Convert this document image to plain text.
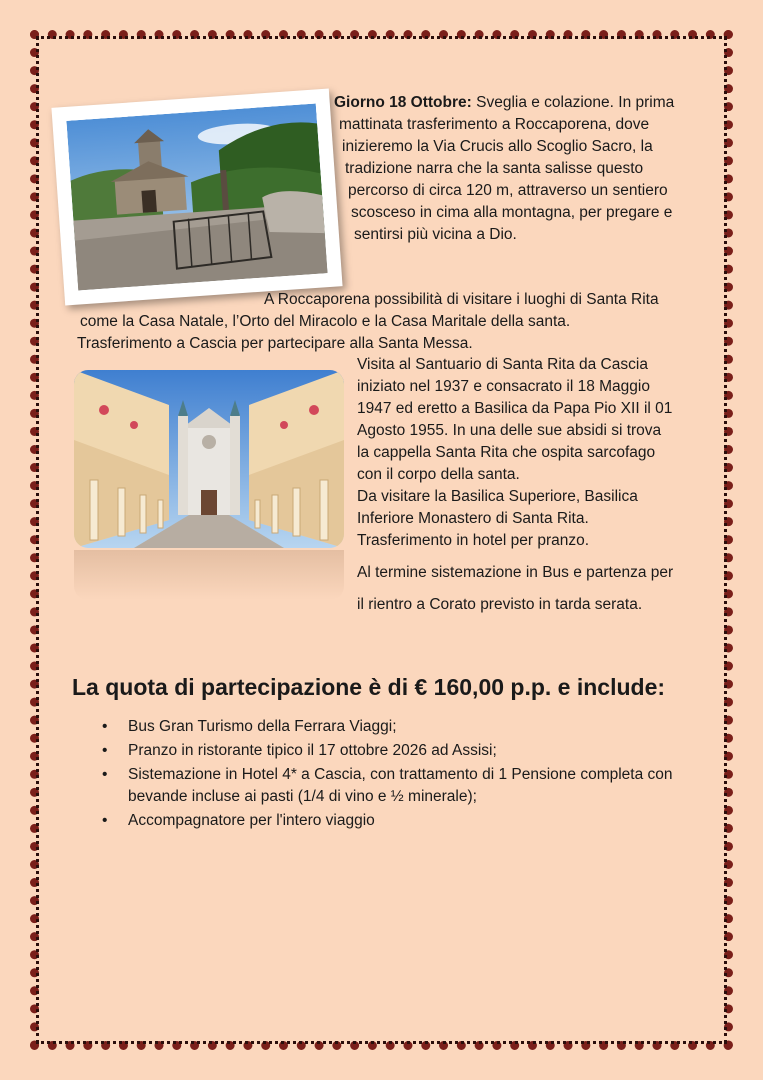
Giorno 18 Ottobre: Sveglia e colazione. In prima
mattinata trasferimento a Roccaporena, dove
inizieremo la Via Crucis allo Scoglio Sacro, la
tradizione narra che la santa salisse questo
percorso di circa 120 m, attraverso un sentiero
scosceso in cima alla montagna, per pregare e
sentirsi più vicina a Dio.
A Roccaporena possibilità di visitare i luoghi di Santa Rita
come la Casa Natale, l’Orto del Miracolo e la Casa Maritale della santa.
Trasferimento a Cascia per partecipare alla Santa Messa.
Visita al Santuario di Santa Rita da Cascia
iniziato nel 1937 e consacrato il 18 Maggio
1947 ed eretto a Basilica da Papa Pio XII il 01
Agosto 1955. In una delle sue absidi si trova
la cappella Santa Rita che ospita sarcofago
con il corpo della santa.
Da visitare la Basilica Superiore, Basilica
Inferiore Monastero di Santa Rita.
Trasferimento in hotel per pranzo.
Al termine sistemazione in Bus e partenza per
il rientro a Corato previsto in tarda serata.
La quota di partecipazione è di € 160,00 p.p. e include:
• Bus Gran Turismo della Ferrara Viaggi;
• Pranzo in ristorante tipico il 17 ottobre 2026 ad Assisi;
• Sistemazione in Hotel 4* a Cascia, con trattamento di 1 Pensione completa con bevande incluse ai pasti (1/4 di vino e ½ minerale);
• Accompagnatore per l'intero viaggio
